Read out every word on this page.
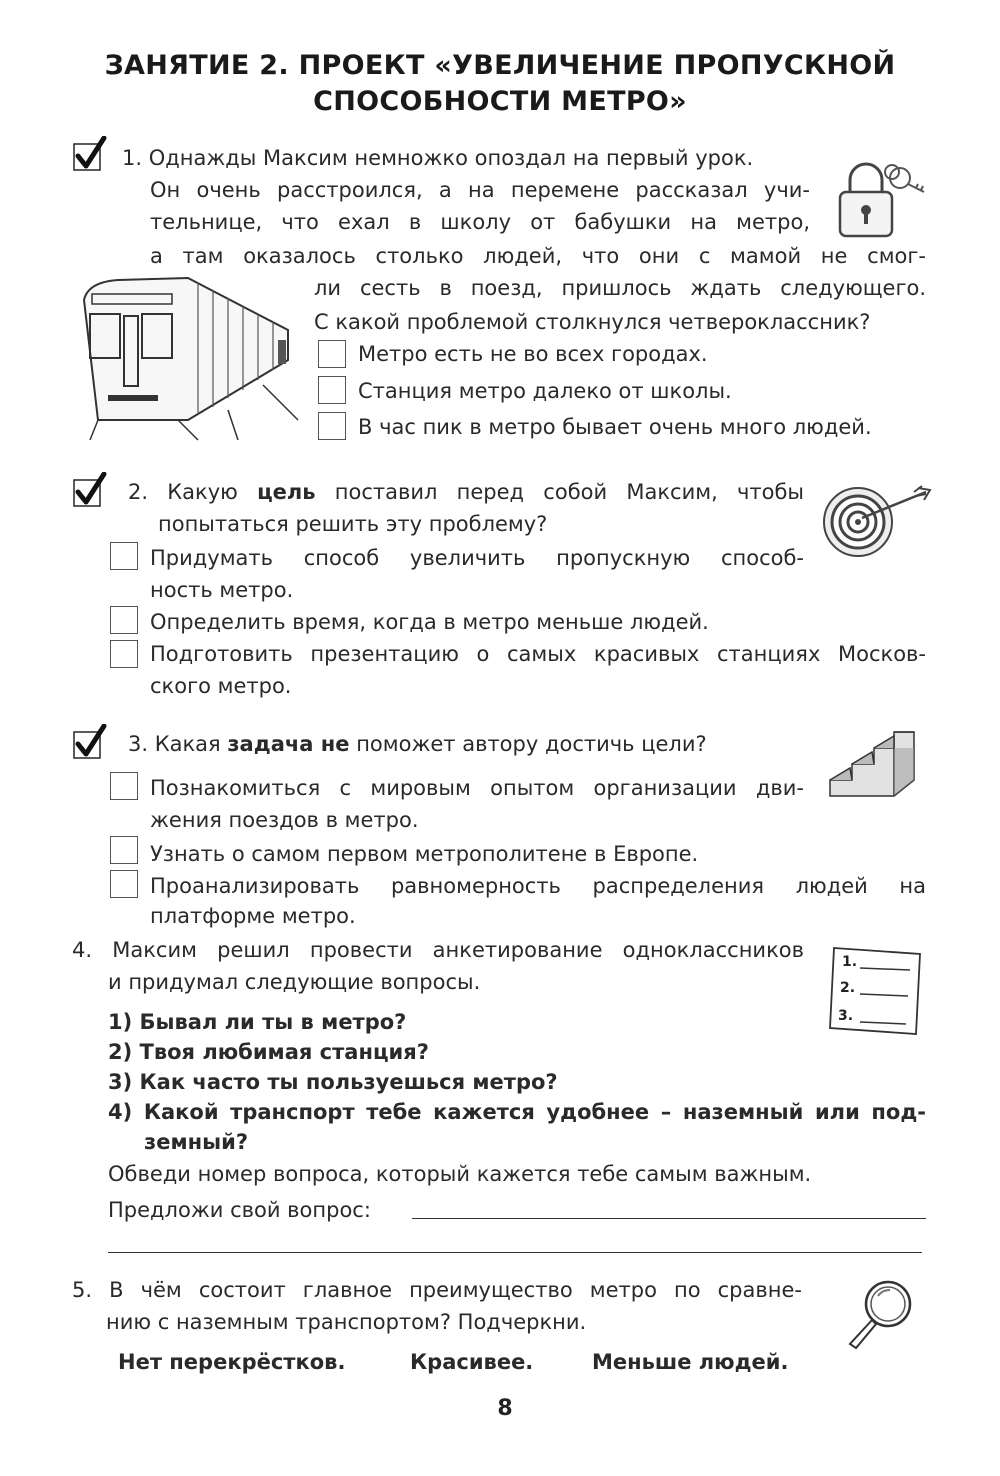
ЗАНЯТИЕ 2. ПРОЕКТ «УВЕЛИЧЕНИЕ ПРОПУСКНОЙ
СПОСОБНОСТИ МЕТРО»
1. Однажды Максим немножко опоздал на первый урок.
Он очень расстроился, а на перемене рассказал учи-
тельнице, что ехал в школу от бабушки на метро,
а там оказалось столько людей, что они с мамой не смог-
ли сесть в поезд, пришлось ждать следующего.
С какой проблемой столкнулся четвероклассник?
Метро есть не во всех городах.
Станция метро далеко от школы.
В час пик в метро бывает очень много людей.
2. Какую цель поставил перед собой Максим, чтобы
попытаться решить эту проблему?
Придумать способ увеличить пропускную способ-
ность метро.
Определить время, когда в метро меньше людей.
Подготовить презентацию о самых красивых станциях Москов-
ского метро.
3. Какая задача не поможет автору достичь цели?
Познакомиться с мировым опытом организации дви-
жения поездов в метро.
Узнать о самом первом метрополитене в Европе.
Проанализировать равномерность распределения людей на
платформе метро.
4. Максим решил провести анкетирование одноклассников
и придумал следующие вопросы.
1.
2.
3.
1) Бывал ли ты в метро?
2) Твоя любимая станция?
3) Как часто ты пользуешься метро?
4) Какой транспорт тебе кажется удобнее – наземный или под-
земный?
Обведи номер вопроса, который кажется тебе самым важным.
Предложи свой вопрос:
5. В чём состоит главное преимущество метро по сравне-
нию с наземным транспортом? Подчеркни.
Нет перекрёстков.	Красивее.	Меньше людей.
8
